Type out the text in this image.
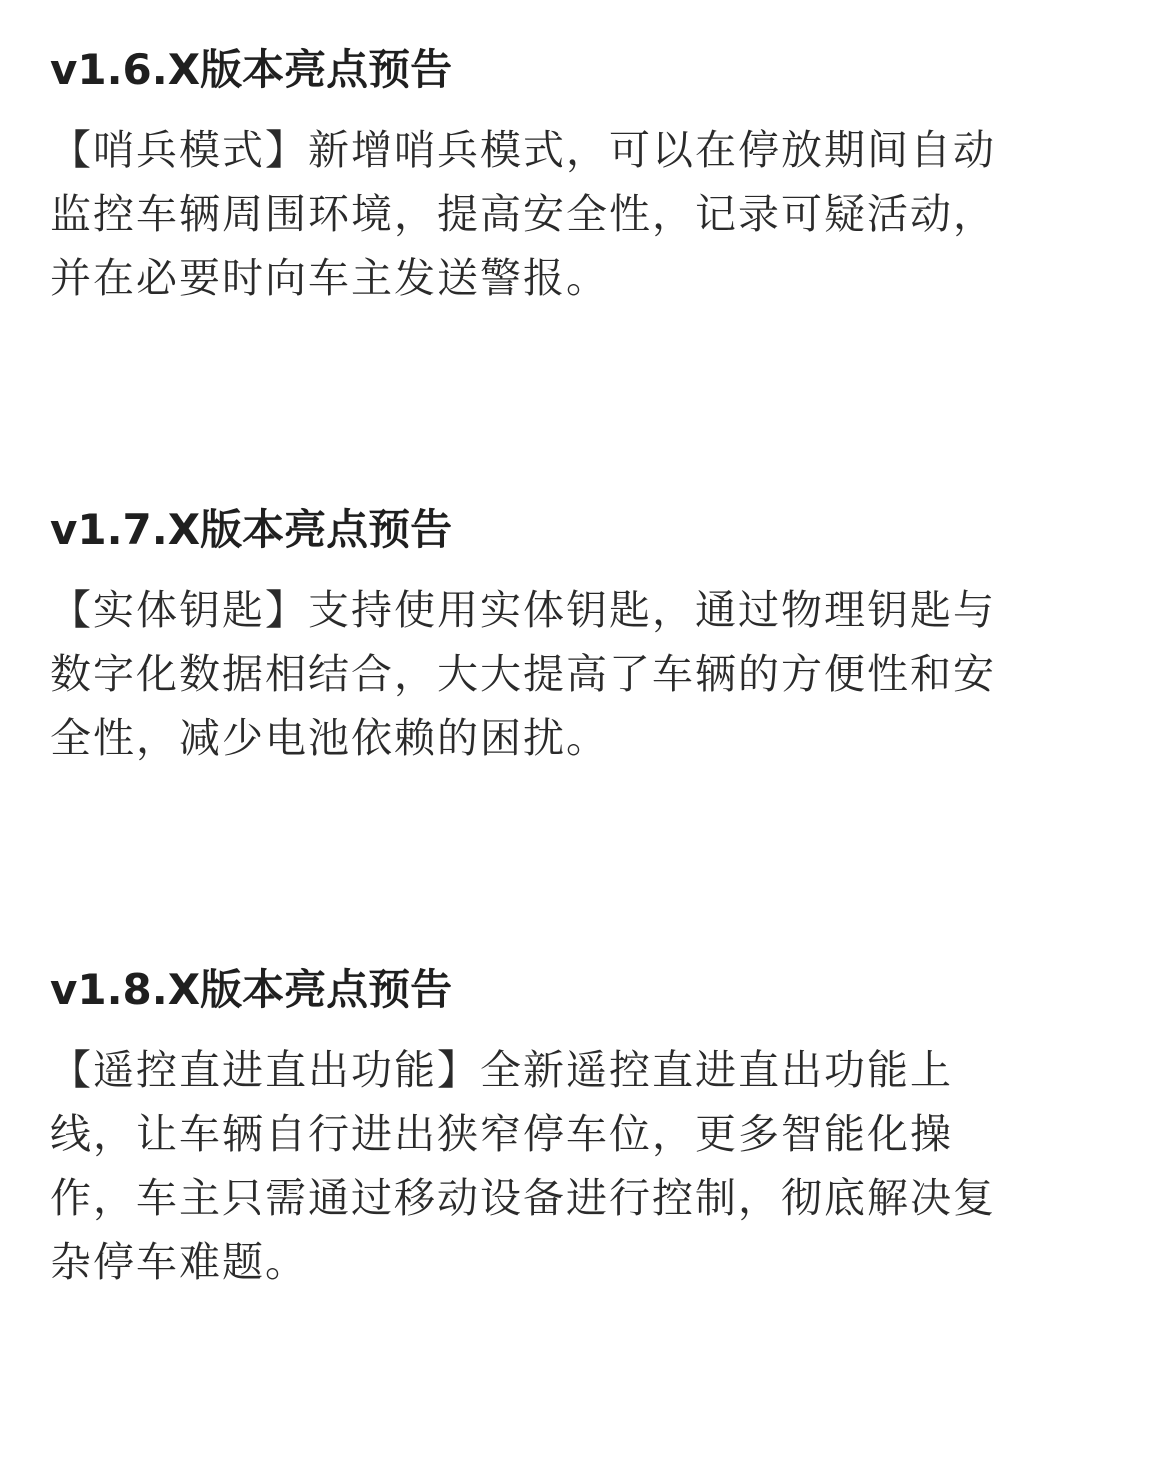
v1.6.X版本亮点预告
【哨兵模式】新增哨兵模式，可以在停放期间自动
监控车辆周围环境，提高安全性，记录可疑活动，
并在必要时向车主发送警报。
v1.7.X版本亮点预告
【实体钥匙】支持使用实体钥匙，通过物理钥匙与
数字化数据相结合，大大提高了车辆的方便性和安
全性，减少电池依赖的困扰。
v1.8.X版本亮点预告
【遥控直进直出功能】全新遥控直进直出功能上
线，让车辆自行进出狭窄停车位，更多智能化操
作，车主只需通过移动设备进行控制，彻底解决复
杂停车难题。
